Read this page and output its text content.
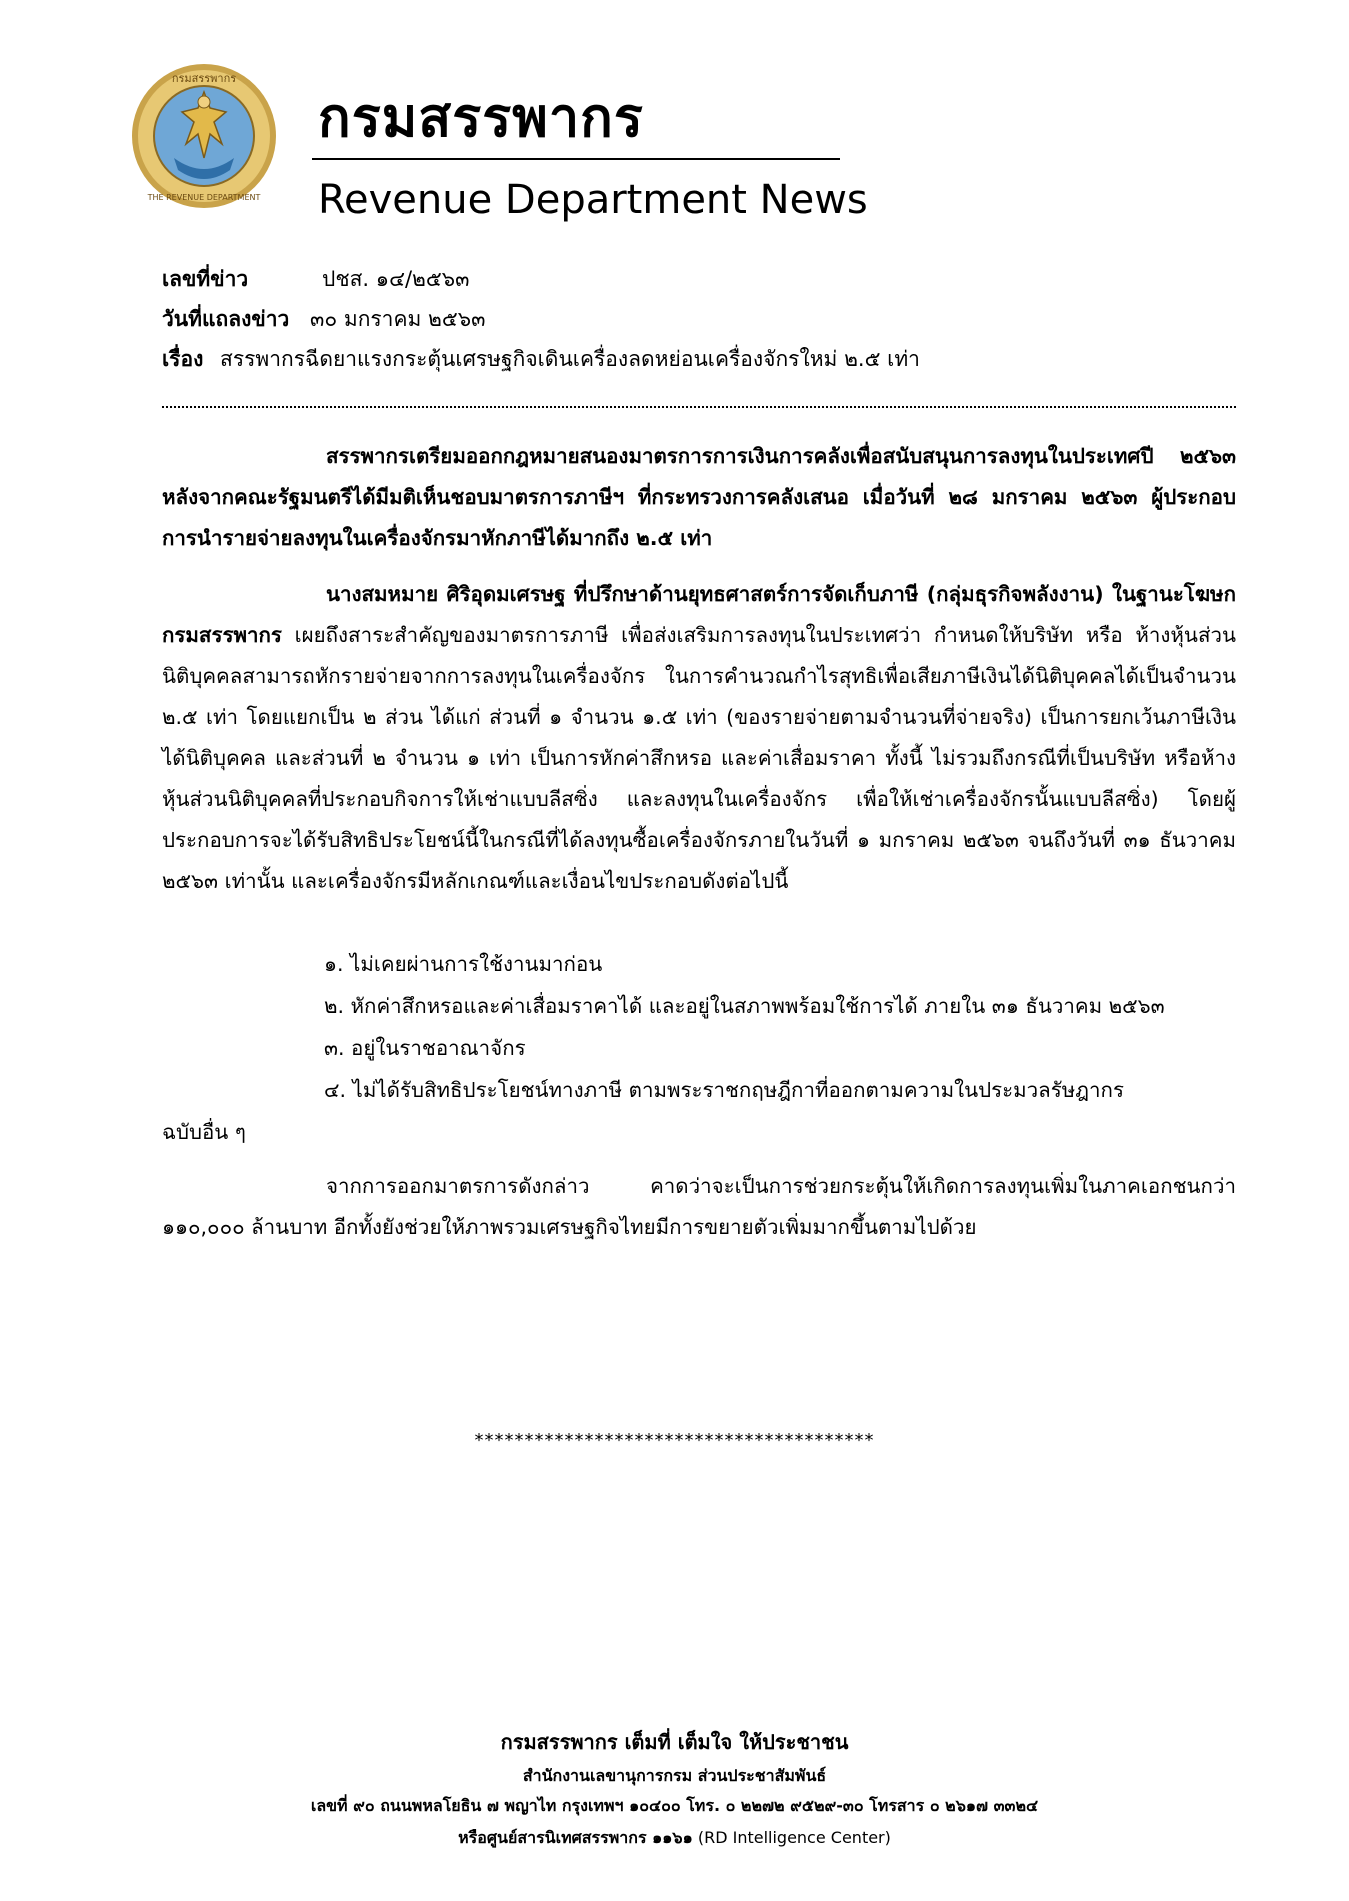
กรมสรรพากร
THE REVENUE DEPARTMENT
กรมสรรพากร
Revenue Department News
เลขที่ข่าว	ปชส. ๑๔/๒๕๖๓
วันที่แถลงข่าว ๓๐ มกราคม ๒๕๖๓
เรื่อง สรรพากรฉีดยาแรงกระตุ้นเศรษฐกิจเดินเครื่องลดหย่อนเครื่องจักรใหม่ ๒.๕ เท่า
สรรพากรเตรียมออกกฎหมายสนองมาตรการการเงินการคลังเพื่อสนับสนุนการลงทุนในประเทศปี ๒๕๖๓ หลังจากคณะรัฐมนตรีได้มีมติเห็นชอบมาตรการภาษีฯ ที่กระทรวงการคลังเสนอ เมื่อวันที่ ๒๘ มกราคม ๒๕๖๓ ผู้ประกอบการนำรายจ่ายลงทุนในเครื่องจักรมาหักภาษีได้มากถึง ๒.๕ เท่า
นางสมหมาย ศิริอุดมเศรษฐ ที่ปรึกษาด้านยุทธศาสตร์การจัดเก็บภาษี (กลุ่มธุรกิจพลังงาน) ในฐานะโฆษกกรมสรรพากร เผยถึงสาระสำคัญของมาตรการภาษี เพื่อส่งเสริมการลงทุนในประเทศว่า กำหนดให้บริษัท หรือ ห้างหุ้นส่วนนิติบุคคลสามารถหักรายจ่ายจากการลงทุนในเครื่องจักร ในการคำนวณกำไรสุทธิเพื่อเสียภาษีเงินได้นิติบุคคลได้เป็นจำนวน ๒.๕ เท่า โดยแยกเป็น ๒ ส่วน ได้แก่ ส่วนที่ ๑ จำนวน ๑.๕ เท่า (ของรายจ่ายตามจำนวนที่จ่ายจริง) เป็นการยกเว้นภาษีเงินได้นิติบุคคล และส่วนที่ ๒ จำนวน ๑ เท่า เป็นการหักค่าสึกหรอ และค่าเสื่อมราคา ทั้งนี้ ไม่รวมถึงกรณีที่เป็นบริษัท หรือห้างหุ้นส่วนนิติบุคคลที่ประกอบกิจการให้เช่าแบบลีสซิ่ง และลงทุนในเครื่องจักร เพื่อให้เช่าเครื่องจักรนั้นแบบลีสซิ่ง) โดยผู้ประกอบการจะได้รับสิทธิประโยชน์นี้ในกรณีที่ได้ลงทุนซื้อเครื่องจักรภายในวันที่ ๑ มกราคม ๒๕๖๓ จนถึงวันที่ ๓๑ ธันวาคม ๒๕๖๓ เท่านั้น และเครื่องจักรมีหลักเกณฑ์และเงื่อนไขประกอบดังต่อไปนี้
๑. ไม่เคยผ่านการใช้งานมาก่อน
๒. หักค่าสึกหรอและค่าเสื่อมราคาได้ และอยู่ในสภาพพร้อมใช้การได้ ภายใน ๓๑ ธันวาคม ๒๕๖๓
๓. อยู่ในราชอาณาจักร
๔. ไม่ได้รับสิทธิประโยชน์ทางภาษี ตามพระราชกฤษฎีกาที่ออกตามความในประมวลรัษฎากร
ฉบับอื่น ๆ
จากการออกมาตรการดังกล่าว คาดว่าจะเป็นการช่วยกระตุ้นให้เกิดการลงทุนเพิ่มในภาคเอกชนกว่า ๑๑๐,๐๐๐ ล้านบาท อีกทั้งยังช่วยให้ภาพรวมเศรษฐกิจไทยมีการขยายตัวเพิ่มมากขึ้นตามไปด้วย
****************************************
กรมสรรพากร เต็มที่ เต็มใจ ให้ประชาชน
สำนักงานเลขานุการกรม ส่วนประชาสัมพันธ์
เลขที่ ๙๐ ถนนพหลโยธิน ๗ พญาไท กรุงเทพฯ ๑๐๔๐๐ โทร. ๐ ๒๒๗๒ ๙๕๒๙-๓๐ โทรสาร ๐ ๒๖๑๗ ๓๓๒๔
หรือศูนย์สารนิเทศสรรพากร ๑๑๖๑ (RD Intelligence Center)
